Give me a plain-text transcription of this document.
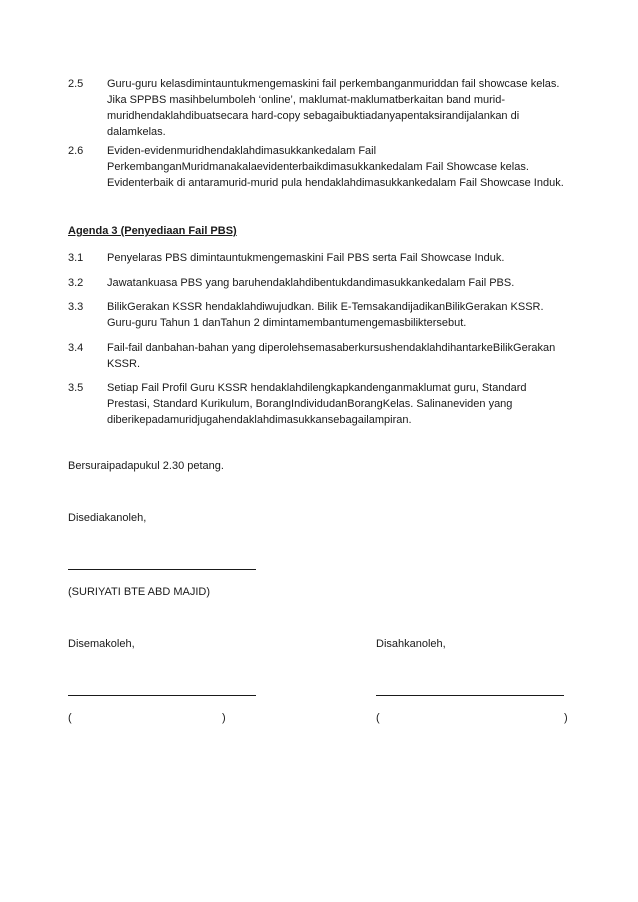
2.5	Guru-guru kelasdimintauntukmengemaskini fail perkembanganmuriddan fail showcase kelas. Jika SPPBS masihbelumboleh ‘online’, maklumat-maklumatberkaitan band murid-muridhendaklahdibuatsecara hard-copy sebagaibuktiadanyapentaksirandijalankan di dalamkelas.
2.6	Eviden-evidenmuridhendaklahdimasukkankedalam Fail PerkembanganMuridmanakalaevidenterbaikdimasukkankedalam Fail Showcase kelas. Evidenterbaik di antaramurid-murid pula hendaklahdimasukkankedalam Fail Showcase Induk.
Agenda 3 (Penyediaan Fail PBS)
3.1	Penyelaras PBS dimintauntukmengemaskini Fail PBS serta Fail Showcase Induk.
3.2	Jawatankuasa PBS yang baruhendaklahdibentukdandimasukkankedalam Fail PBS.
3.3	BilikGerakan KSSR hendaklahdiwujudkan. Bilik E-TemsakandijadikanBilikGerakan KSSR. Guru-guru Tahun 1 danTahun 2 dimintamembantumengemasbiliktersebut.
3.4	Fail-fail danbahan-bahan yang diperolehsemasaberkursushendaklahdihantarkeBilikGerakan KSSR.
3.5	Setiap Fail Profil Guru KSSR hendaklahdilengkapkandenganmaklumat guru, Standard Prestasi, Standard Kurikulum, BorangIndividudanBorangKelas. Salinaneviden yang diberikepadamuridjugahendaklahdimasukkansebagailampiran.
Bersuraipadapukul 2.30 petang.
Disediakanoleh,
(SURIYATI BTE ABD MAJID)
Disemakoleh,	Disahkanoleh,
(	)	(	)
